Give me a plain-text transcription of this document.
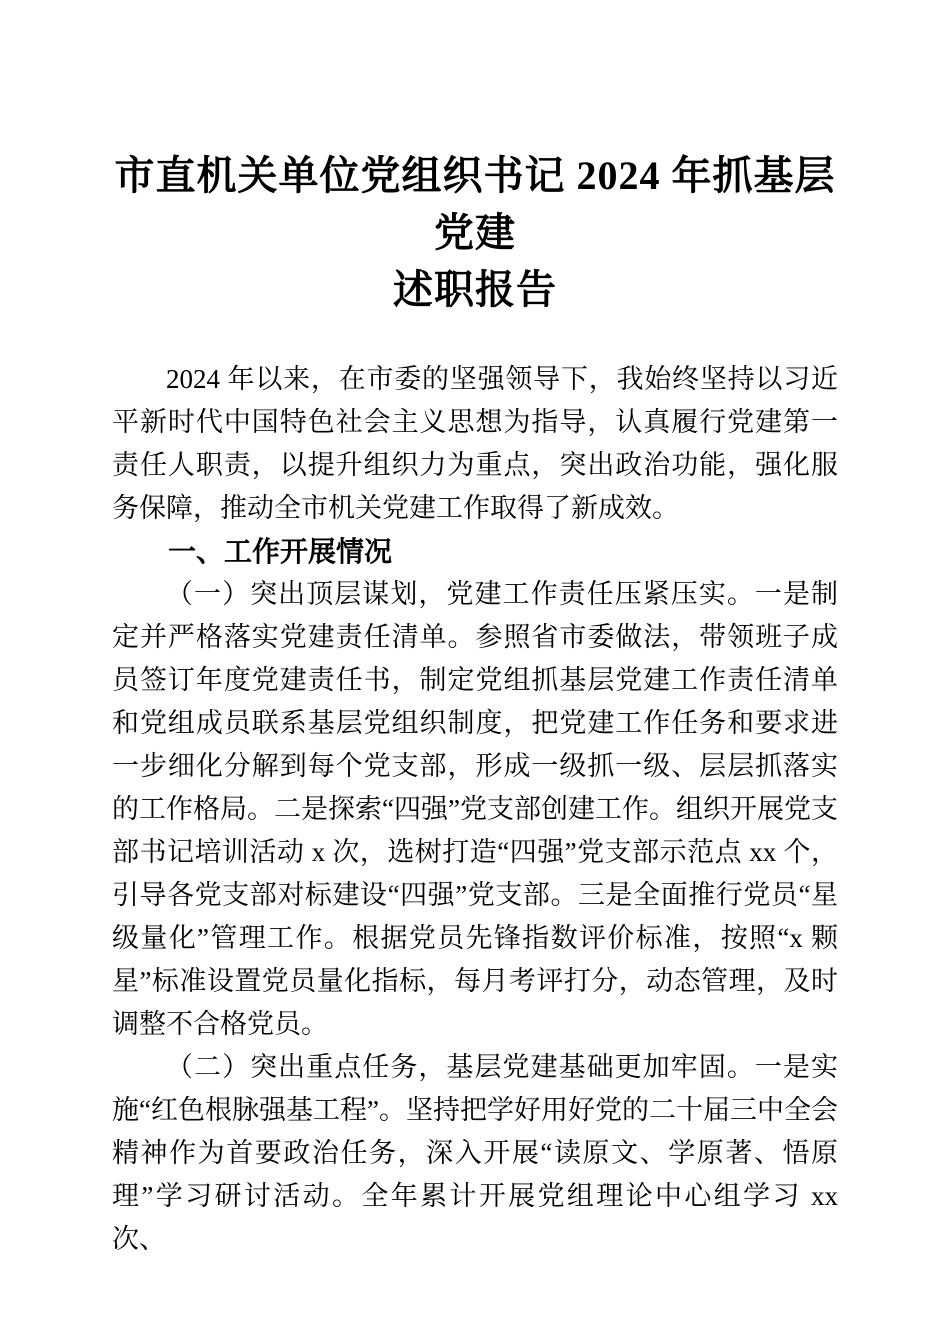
市直机关单位党组织书记 2024 年抓基层党建
述职报告

2024 年以来，在市委的坚强领导下，我始终坚持以习近平新时代中国特色社会主义思想为指导，认真履行党建第一责任人职责，以提升组织力为重点，突出政治功能，强化服务保障，推动全市机关党建工作取得了新成效。

一、工作开展情况

（一）突出顶层谋划，党建工作责任压紧压实。一是制定并严格落实党建责任清单。参照省市委做法，带领班子成员签订年度党建责任书，制定党组抓基层党建工作责任清单和党组成员联系基层党组织制度，把党建工作任务和要求进一步细化分解到每个党支部，形成一级抓一级、层层抓落实的工作格局。二是探索“四强”党支部创建工作。组织开展党支部书记培训活动 x 次，选树打造“四强”党支部示范点 xx 个，引导各党支部对标建设“四强”党支部。三是全面推行党员“星级量化”管理工作。根据党员先锋指数评价标准，按照“x 颗星”标准设置党员量化指标，每月考评打分，动态管理，及时调整不合格党员。

（二）突出重点任务，基层党建基础更加牢固。一是实施“红色根脉强基工程”。坚持把学好用好党的二十届三中全会精神作为首要政治任务，深入开展“读原文、学原著、悟原理”学习研讨活动。全年累计开展党组理论中心组学习 xx 次、
